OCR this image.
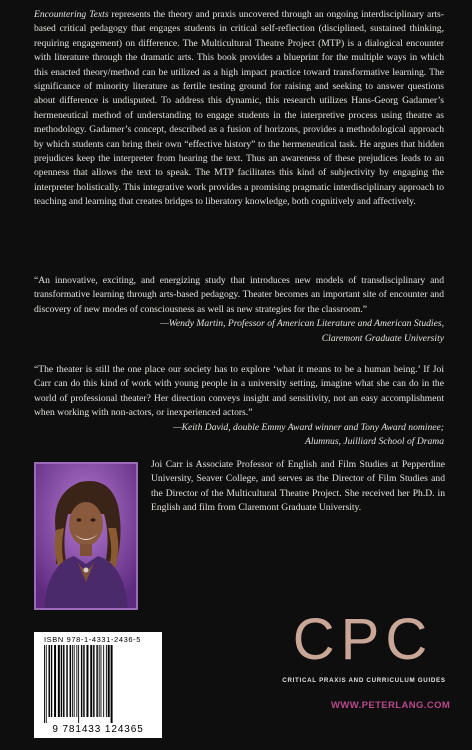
Encountering Texts represents the theory and praxis uncovered through an ongoing interdisciplinary arts-based critical pedagogy that engages students in critical self-reflection (disciplined, sustained thinking, requiring engagement) on difference. The Multicultural Theatre Project (MTP) is a dialogical encounter with literature through the dramatic arts. This book provides a blueprint for the multiple ways in which this enacted theory/method can be utilized as a high impact practice toward transformative learning. The significance of minority literature as fertile testing ground for raising and seeking to answer questions about difference is undisputed. To address this dynamic, this research utilizes Hans-Georg Gadamer’s hermeneutical method of understanding to engage students in the interpretive process using theatre as methodology. Gadamer’s concept, described as a fusion of horizons, provides a methodological approach by which students can bring their own “effective history” to the hermeneutical task. He argues that hidden prejudices keep the interpreter from hearing the text. Thus an awareness of these prejudices leads to an openness that allows the text to speak. The MTP facilitates this kind of subjectivity by engaging the interpreter holistically. This integrative work provides a promising pragmatic interdisciplinary approach to teaching and learning that creates bridges to liberatory knowledge, both cognitively and affectively.

“An innovative, exciting, and energizing study that introduces new models of transdisciplinary and transformative learning through arts-based pedagogy. Theater becomes an important site of encounter and discovery of new modes of consciousness as well as new strategies for the classroom.”

—Wendy Martin, Professor of American Literature and American Studies,

Claremont Graduate University

“The theater is still the one place our society has to explore ‘what it means to be a human being.’ If Joi Carr can do this kind of work with young people in a university setting, imagine what she can do in the world of professional theater? Her direction conveys insight and sensitivity, not an easy accomplishment when working with non-actors, or inexperienced actors.”

—Keith David, double Emmy Award winner and Tony Award nominee;

Alumnus, Juilliard School of Drama

Joi Carr is Associate Professor of English and Film Studies at Pepperdine University, Seaver College, and serves as the Director of Film Studies and the Director of the Multicultural Theatre Project. She received her Ph.D. in English and film from Claremont Graduate University.

ISBN 978-1-4331-2436-5
9 781433 124365
CPC
CRITICAL PRAXIS AND CURRICULUM GUIDES
WWW.PETERLANG.COM
